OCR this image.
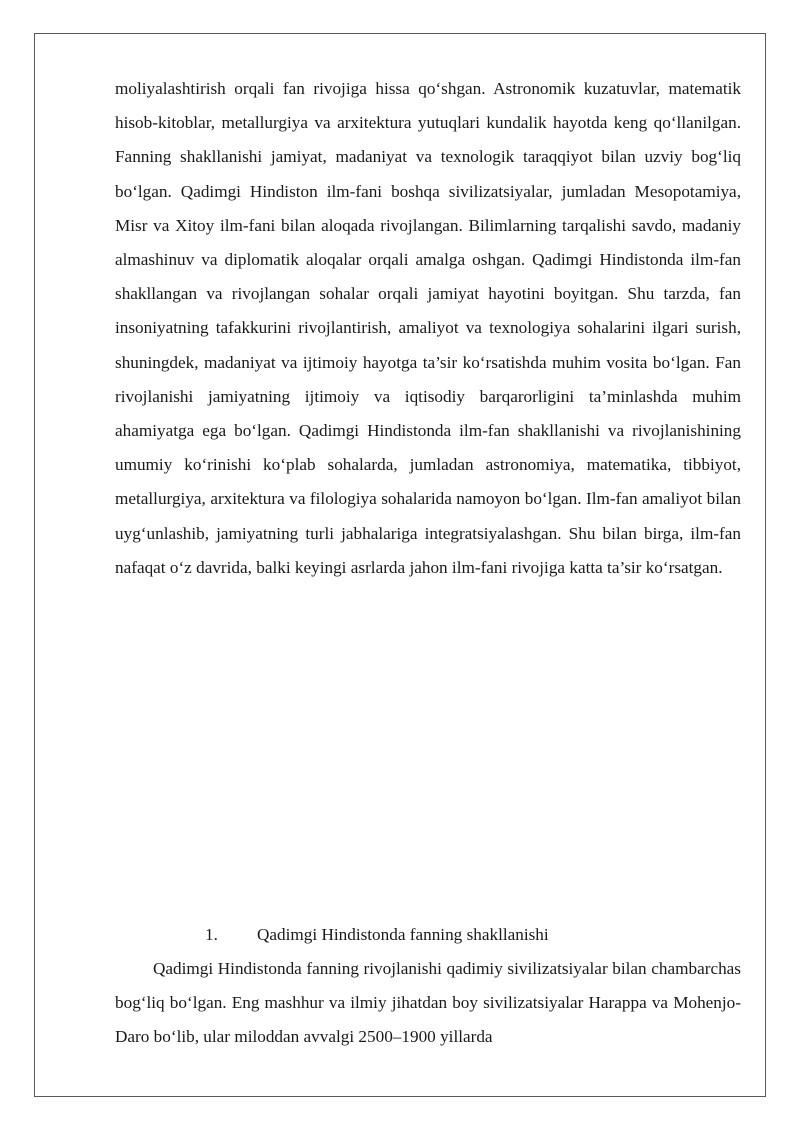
moliyalashtirish orqali fan rivojiga hissa qo‘shgan. Astronomik kuzatuvlar, matematik hisob-kitoblar, metallurgiya va arxitektura yutuqlari kundalik hayotda keng qo‘llanilgan. Fanning shakllanishi jamiyat, madaniyat va texnologik taraqqiyot bilan uzviy bog‘liq bo‘lgan. Qadimgi Hindiston ilm-fani boshqa sivilizatsiyalar, jumladan Mesopotamiya, Misr va Xitoy ilm-fani bilan aloqada rivojlangan. Bilimlarning tarqalishi savdo, madaniy almashinuv va diplomatik aloqalar orqali amalga oshgan. Qadimgi Hindistonda ilm-fan shakllangan va rivojlangan sohalar orqali jamiyat hayotini boyitgan. Shu tarzda, fan insoniyatning tafakkurini rivojlantirish, amaliyot va texnologiya sohalarini ilgari surish, shuningdek, madaniyat va ijtimoiy hayotga ta’sir ko‘rsatishda muhim vosita bo‘lgan. Fan rivojlanishi jamiyatning ijtimoiy va iqtisodiy barqarorligini ta’minlashda muhim ahamiyatga ega bo‘lgan. Qadimgi Hindistonda ilm-fan shakllanishi va rivojlanishining umumiy ko‘rinishi ko‘plab sohalarda, jumladan astronomiya, matematika, tibbiyot, metallurgiya, arxitektura va filologiya sohalarida namoyon bo‘lgan. Ilm-fan amaliyot bilan uyg‘unlashib, jamiyatning turli jabhalariga integratsiyalashgan. Shu bilan birga, ilm-fan nafaqat o‘z davrida, balki keyingi asrlarda jahon ilm-fani rivojiga katta ta’sir ko‘rsatgan.

1. Qadimgi Hindistonda fanning shakllanishi

Qadimgi Hindistonda fanning rivojlanishi qadimiy sivilizatsiyalar bilan chambarchas bog‘liq bo‘lgan. Eng mashhur va ilmiy jihatdan boy sivilizatsiyalar Harappa va Mohenjo-Daro bo‘lib, ular miloddan avvalgi 2500–1900 yillarda
